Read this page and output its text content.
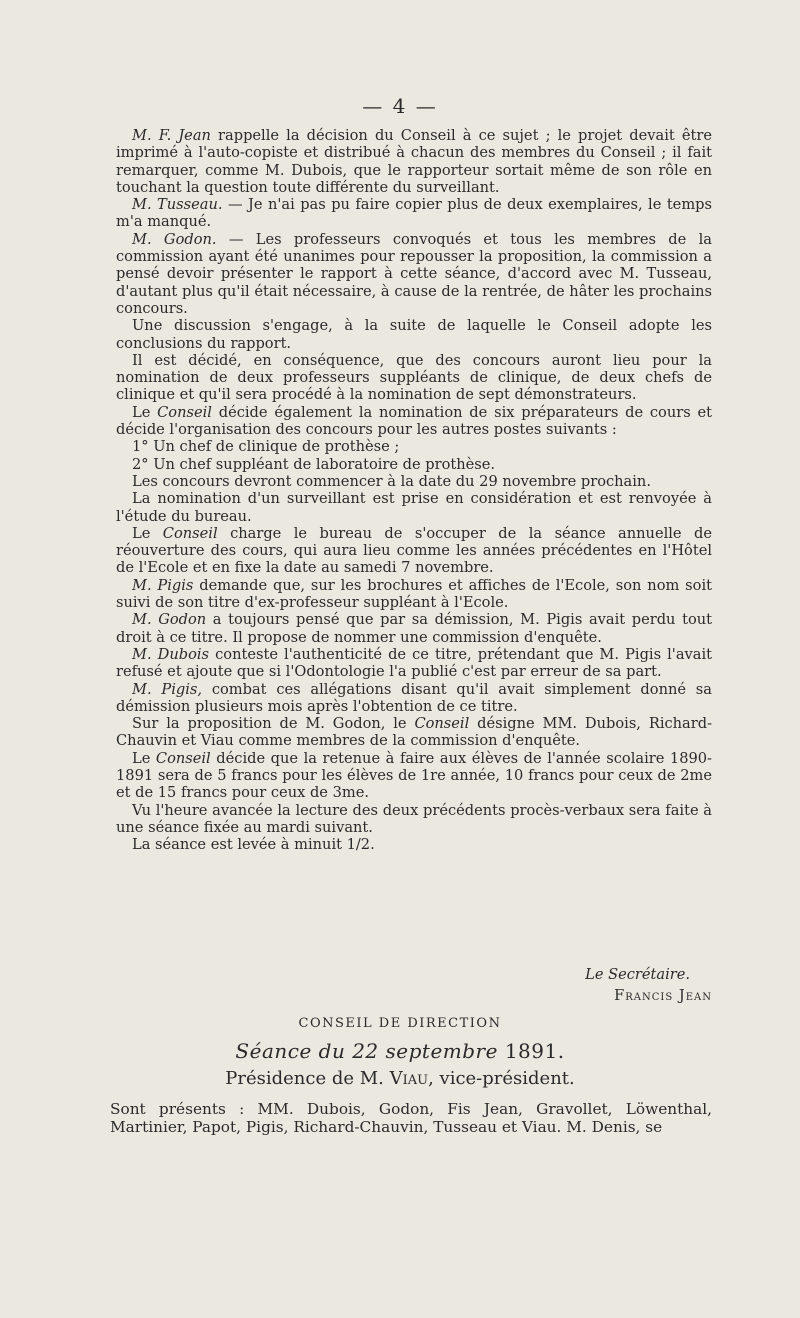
— 4 —

M. F. Jean rappelle la décision du Conseil à ce sujet ; le projet devait être imprimé à l'auto-copiste et distribué à chacun des membres du Conseil ; il fait remarquer, comme M. Dubois, que le rapporteur sortait même de son rôle en touchant la question toute différente du surveillant.

M. Tusseau. — Je n'ai pas pu faire copier plus de deux exemplaires, le temps m'a manqué.

M. Godon. — Les professeurs convoqués et tous les membres de la commission ayant été unanimes pour repousser la proposition, la commission a pensé devoir présenter le rapport à cette séance, d'accord avec M. Tusseau, d'autant plus qu'il était nécessaire, à cause de la rentrée, de hâter les prochains concours.

Une discussion s'engage, à la suite de laquelle le Conseil adopte les conclusions du rapport.

Il est décidé, en conséquence, que des concours auront lieu pour la nomination de deux professeurs suppléants de clinique, de deux chefs de clinique et qu'il sera procédé à la nomination de sept démonstrateurs.

Le Conseil décide également la nomination de six préparateurs de cours et décide l'organisation des concours pour les autres postes suivants :

1° Un chef de clinique de prothèse ;

2° Un chef suppléant de laboratoire de prothèse.

Les concours devront commencer à la date du 29 novembre prochain.

La nomination d'un surveillant est prise en considération et est renvoyée à l'étude du bureau.

Le Conseil charge le bureau de s'occuper de la séance annuelle de réouverture des cours, qui aura lieu comme les années précédentes en l'Hôtel de l'Ecole et en fixe la date au samedi 7 novembre.

M. Pigis demande que, sur les brochures et affiches de l'Ecole, son nom soit suivi de son titre d'ex-professeur suppléant à l'Ecole.

M. Godon a toujours pensé que par sa démission, M. Pigis avait perdu tout droit à ce titre. Il propose de nommer une commission d'enquête.

M. Dubois conteste l'authenticité de ce titre, prétendant que M. Pigis l'avait refusé et ajoute que si l'Odontologie l'a publié c'est par erreur de sa part.

M. Pigis, combat ces allégations disant qu'il avait simplement donné sa démission plusieurs mois après l'obtention de ce titre.

Sur la proposition de M. Godon, le Conseil désigne MM. Dubois, Richard-Chauvin et Viau comme membres de la commission d'enquête.

Le Conseil décide que la retenue à faire aux élèves de l'année scolaire 1890-1891 sera de 5 francs pour les élèves de 1re année, 10 francs pour ceux de 2me et de 15 francs pour ceux de 3me.

Vu l'heure avancée la lecture des deux précédents procès-verbaux sera faite à une séance fixée au mardi suivant.

La séance est levée à minuit 1/2.

Le Secrétaire.
Francis Jean
CONSEIL DE DIRECTION
Séance du 22 septembre 1891.
Présidence de M. Viau, vice-président.
Sont présents : MM. Dubois, Godon, Fis Jean, Gravollet, Löwenthal, Martinier, Papot, Pigis, Richard-Chauvin, Tusseau et Viau. M. Denis, se
